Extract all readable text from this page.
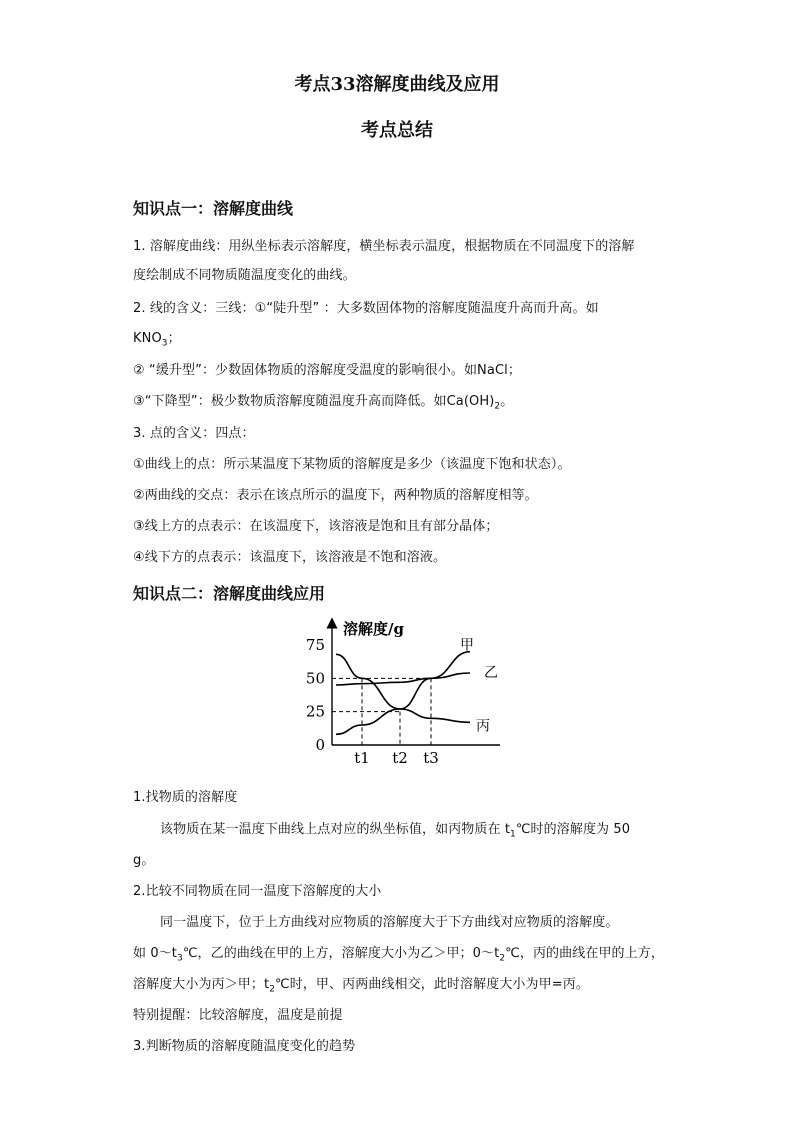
考点33溶解度曲线及应用
考点总结
知识点一：溶解度曲线
1. 溶解度曲线：用纵坐标表示溶解度，横坐标表示温度，根据物质在不同温度下的溶解
度绘制成不同物质随温度变化的曲线。
2. 线的含义：三线：①“陡升型” ：大多数固体物的溶解度随温度升高而升高。如
$KNO_3$；
② “缓升型”：少数固体物质的溶解度受温度的影响很小。如NaCl；
③“下降型”：极少数物质溶解度随温度升高而降低。如$Ca(OH)_2$。
3. 点的含义：四点：
①曲线上的点：所示某温度下某物质的溶解度是多少（该温度下饱和状态）。
②两曲线的交点：表示在该点所示的温度下，两种物质的溶解度相等。
③线上方的点表示：在该温度下，该溶液是饱和且有部分晶体；
④线下方的点表示：该温度下，该溶液是不饱和溶液。
知识点二：溶解度曲线应用
溶解度/g
75
50
25
0
t1 t2 t3
甲
乙
丙
1.找物质的溶解度
该物质在某一温度下曲线上点对应的纵坐标值，如丙物质在 $t_1℃$时的溶解度为 50
g。
2.比较不同物质在同一温度下溶解度的大小
同一温度下，位于上方曲线对应物质的溶解度大于下方曲线对应物质的溶解度。
如 $0\sim t_3℃$，乙的曲线在甲的上方，溶解度大小为乙＞甲；$0\sim t_2℃$，丙的曲线在甲的上方，
溶解度大小为丙＞甲；$t_2℃$时，甲、丙两曲线相交，此时溶解度大小为甲=丙。
特别提醒：比较溶解度，温度是前提
3.判断物质的溶解度随温度变化的趋势
